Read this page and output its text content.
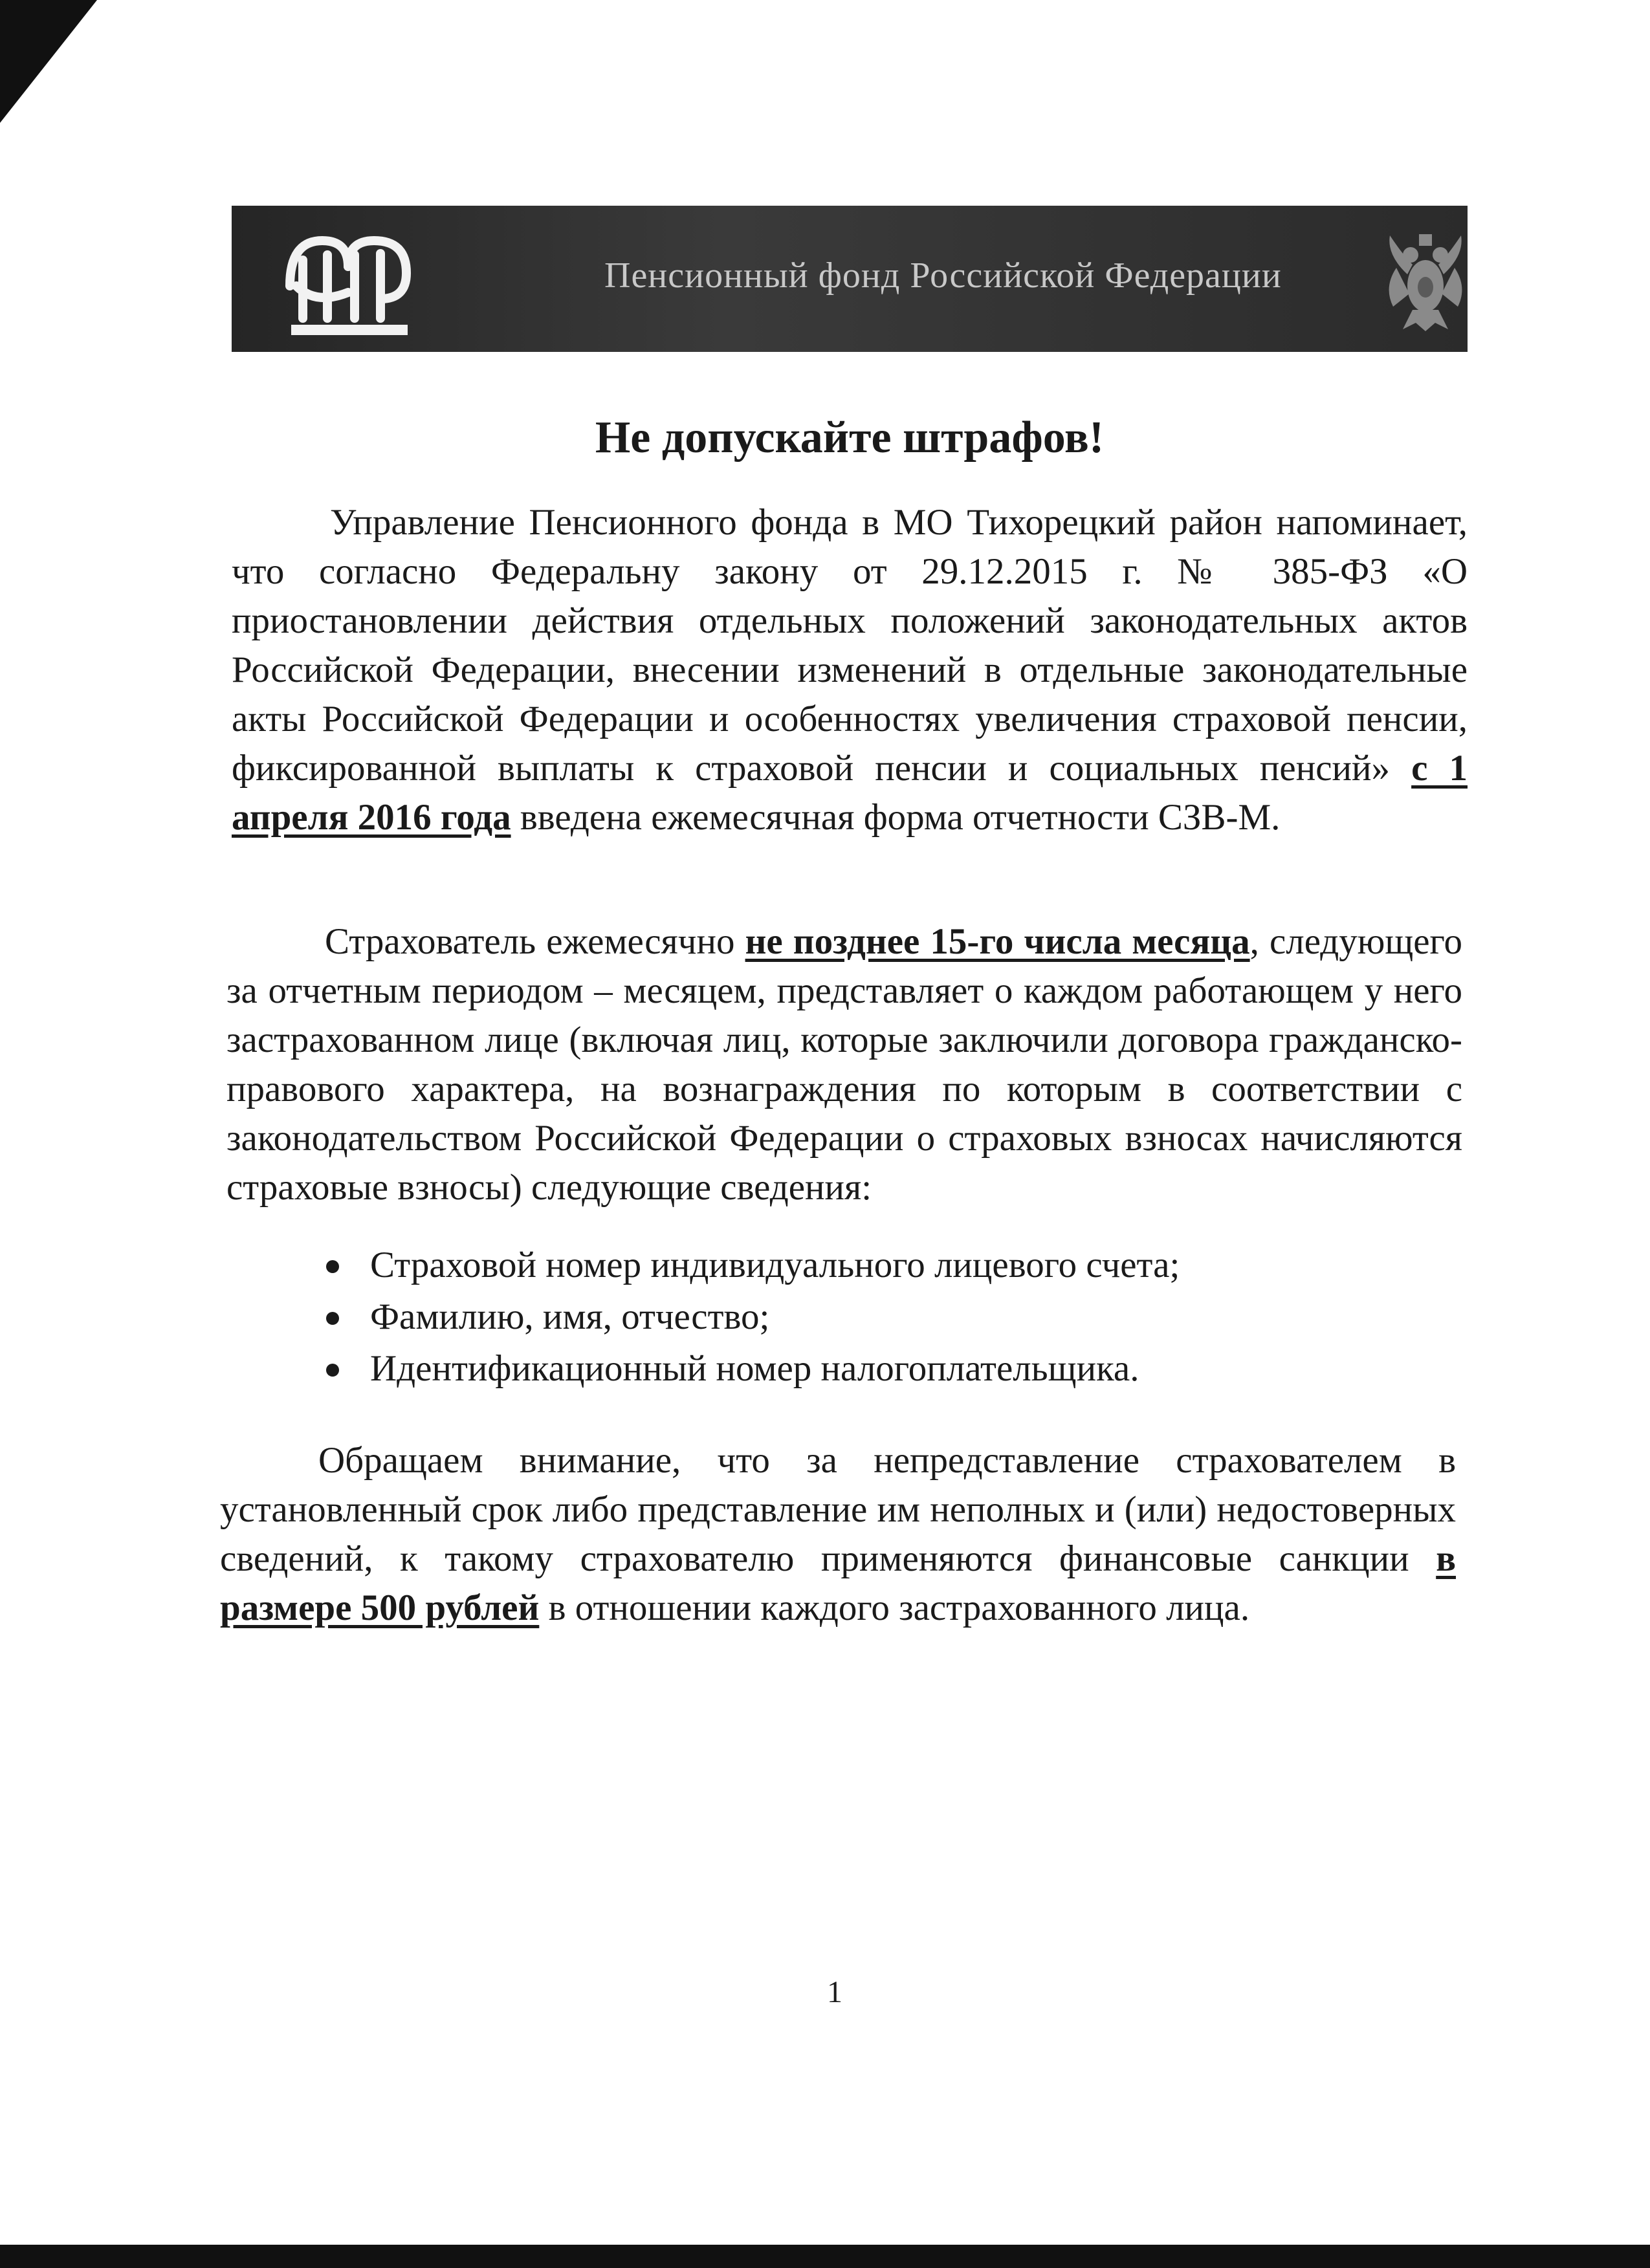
Пенсионный фонд Российской Федерации
Не допускайте штрафов!

Управление Пенсионного фонда в МО Тихорецкий район напоминает, что согласно Федеральну закону от 29.12.2015 г. № 385-ФЗ «О приостановлении действия отдельных положений законодательных актов Российской Федерации, внесении изменений в отдельные законодательные акты Российской Федерации и особенностях увеличения страховой пенсии, фиксированной выплаты к страховой пенсии и социальных пенсий» с 1 апреля 2016 года введена ежемесячная форма отчетности СЗВ-М.

Страхователь ежемесячно не позднее 15-го числа месяца, следующего за отчетным периодом – месяцем, представляет о каждом работающем у него застрахованном лице (включая лиц, которые заключили договора гражданско-правового характера, на вознаграждения по которым в соответствии с законодательством Российской Федерации о страховых взносах начисляются страховые взносы) следующие сведения:

Страховой номер индивидуального лицевого счета;
Фамилию, имя, отчество;
Идентификационный номер налогоплательщика.

Обращаем внимание, что за непредставление страхователем в установленный срок либо представление им неполных и (или) недостоверных сведений, к такому страхователю применяются финансовые санкции в размере 500 рублей в отношении каждого застрахованного лица.

1
